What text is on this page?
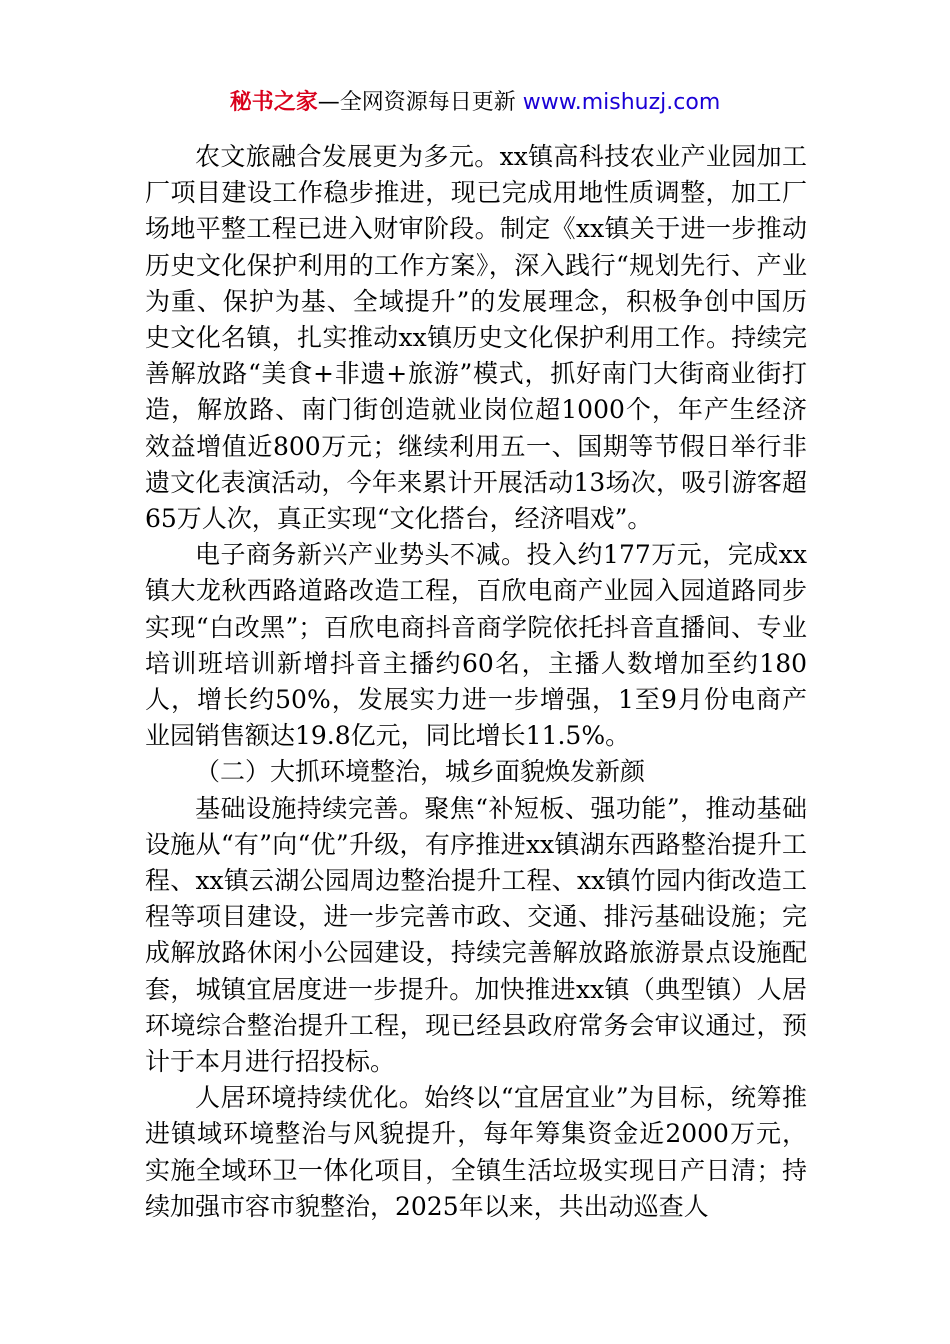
秘书之家—全网资源每日更新 www.mishuzj.com

农文旅融合发展更为多元。xx镇高科技农业产业园加工厂项目建设工作稳步推进，现已完成用地性质调整，加工厂场地平整工程已进入财审阶段。制定《xx镇关于进一步推动历史文化保护利用的工作方案》，深入践行“规划先行、产业为重、保护为基、全域提升”的发展理念，积极争创中国历史文化名镇，扎实推动xx镇历史文化保护利用工作。持续完善解放路“美食+非遗+旅游”模式，抓好南门大街商业街打造，解放路、南门街创造就业岗位超1000个，年产生经济效益增值近800万元；继续利用五一、国期等节假日举行非遗文化表演活动，今年来累计开展活动13场次，吸引游客超65万人次，真正实现“文化搭台，经济唱戏”。

电子商务新兴产业势头不减。投入约177万元，完成xx镇大龙秋西路道路改造工程，百欣电商产业园入园道路同步实现“白改黑”；百欣电商抖音商学院依托抖音直播间、专业培训班培训新增抖音主播约60名，主播人数增加至约180人，增长约50%，发展实力进一步增强，1至9月份电商产业园销售额达19.8亿元，同比增长11.5%。

（二）大抓环境整治，城乡面貌焕发新颜

基础设施持续完善。聚焦“补短板、强功能”，推动基础设施从“有”向“优”升级，有序推进xx镇湖东西路整治提升工程、xx镇云湖公园周边整治提升工程、xx镇竹园内街改造工程等项目建设，进一步完善市政、交通、排污基础设施；完成解放路休闲小公园建设，持续完善解放路旅游景点设施配套，城镇宜居度进一步提升。加快推进xx镇（典型镇）人居环境综合整治提升工程，现已经县政府常务会审议通过，预计于本月进行招投标。

人居环境持续优化。始终以“宜居宜业”为目标，统筹推进镇域环境整治与风貌提升，每年筹集资金近2000万元，实施全域环卫一体化项目，全镇生活垃圾实现日产日清；持续加强市容市貌整治，2025年以来，共出动巡查人
